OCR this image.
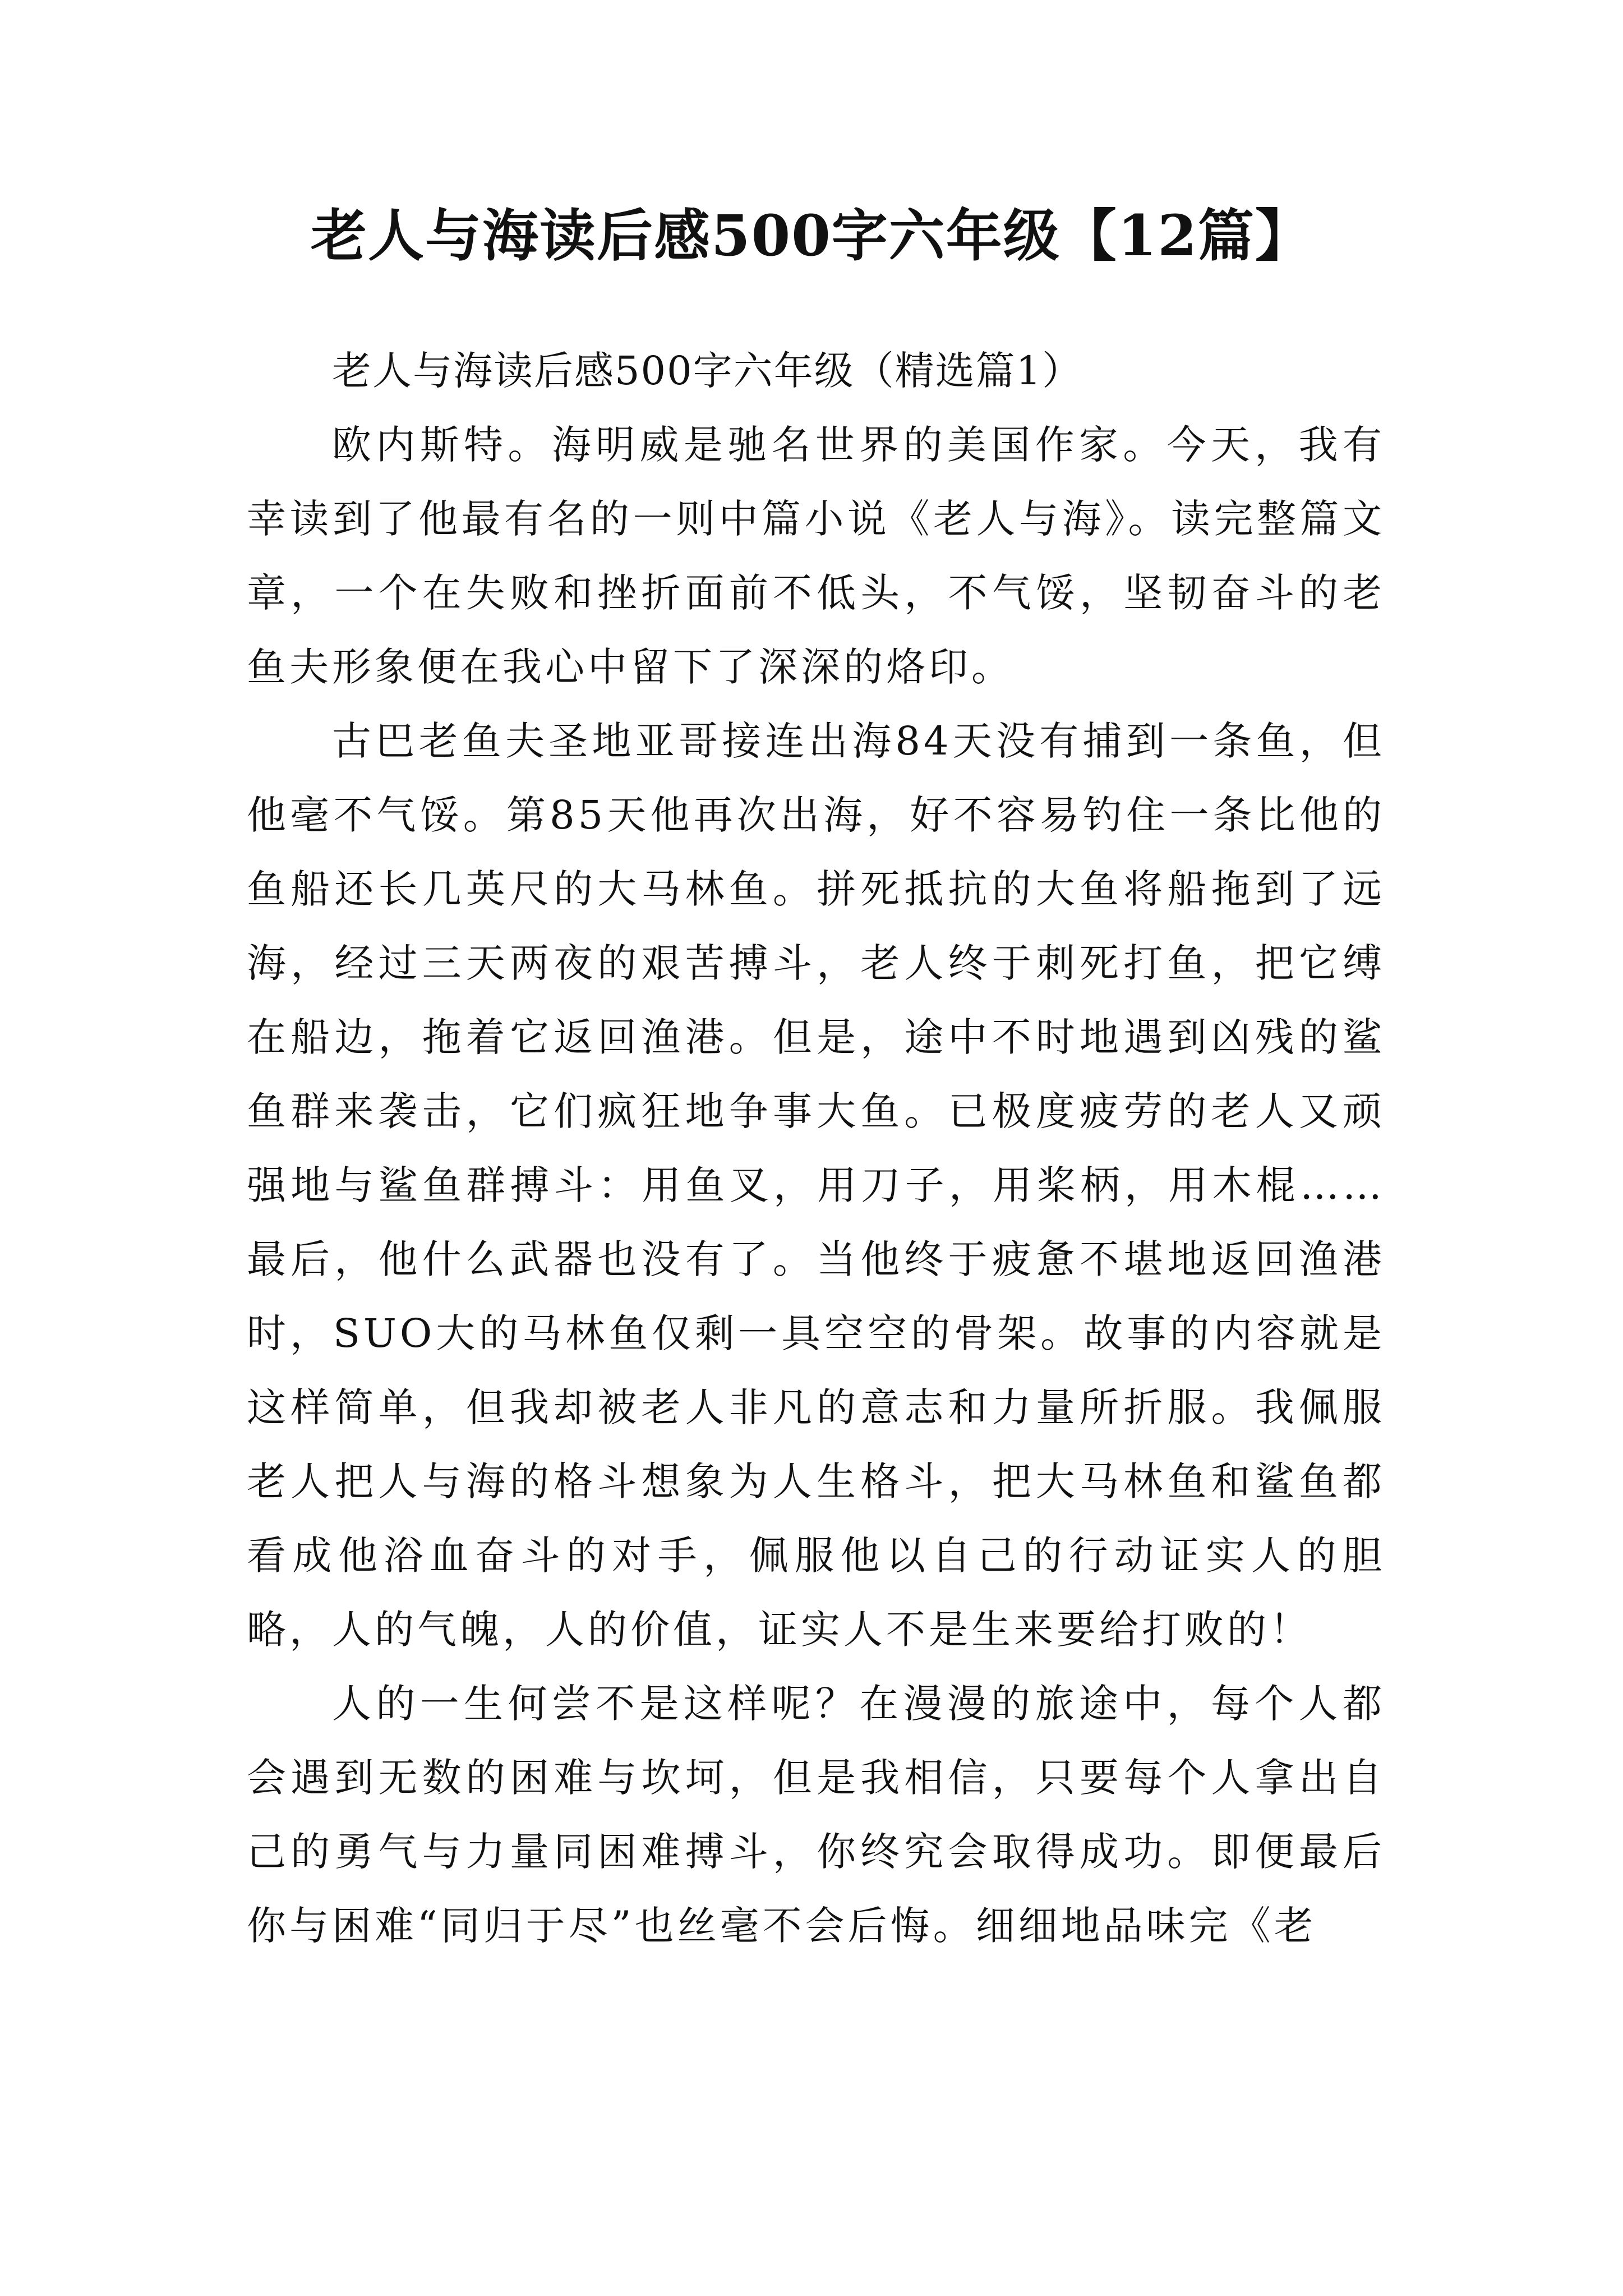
老人与海读后感500字六年级【12篇】

老人与海读后感500字六年级（精选篇1）

欧内斯特。海明威是驰名世界的美国作家。今天，我有幸读到了他最有名的一则中篇小说《老人与海》。读完整篇文章，一个在失败和挫折面前不低头，不气馁，坚韧奋斗的老鱼夫形象便在我心中留下了深深的烙印。

古巴老鱼夫圣地亚哥接连出海84天没有捕到一条鱼，但他毫不气馁。第85天他再次出海，好不容易钓住一条比他的鱼船还长几英尺的大马林鱼。拼死抵抗的大鱼将船拖到了远海，经过三天两夜的艰苦搏斗，老人终于刺死打鱼，把它缚在船边，拖着它返回渔港。但是，途中不时地遇到凶残的鲨鱼群来袭击，它们疯狂地争事大鱼。已极度疲劳的老人又顽强地与鲨鱼群搏斗：用鱼叉，用刀子，用桨柄，用木棍……最后，他什么武器也没有了。当他终于疲惫不堪地返回渔港时，SUO大的马林鱼仅剩一具空空的骨架。故事的内容就是这样简单，但我却被老人非凡的意志和力量所折服。我佩服老人把人与海的格斗想象为人生格斗，把大马林鱼和鲨鱼都看成他浴血奋斗的对手，佩服他以自己的行动证实人的胆略，人的气魄，人的价值，证实人不是生来要给打败的！

人的一生何尝不是这样呢？在漫漫的旅途中，每个人都会遇到无数的困难与坎坷，但是我相信，只要每个人拿出自己的勇气与力量同困难搏斗，你终究会取得成功。即便最后你与困难“同归于尽”也丝毫不会后悔。细细地品味完《老
